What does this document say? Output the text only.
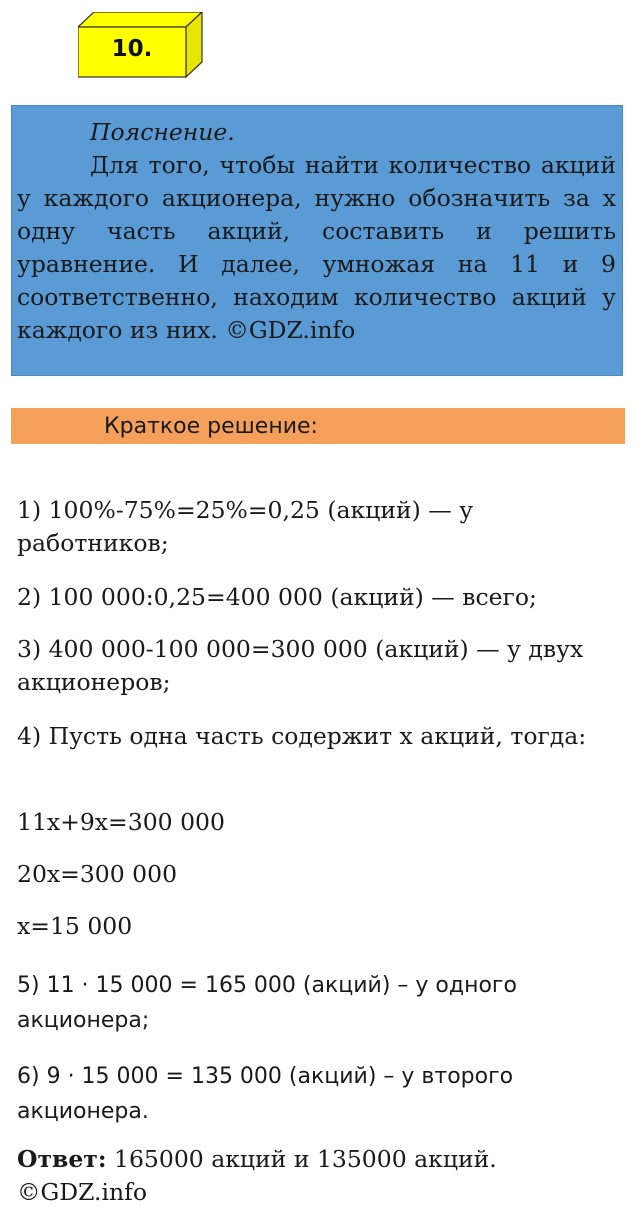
10.
Пояснение.
Для того, чтобы найти количество акций у каждого акционера, нужно обозначить за х одну часть акций, составить и решить уравнение. И далее, умножая на 11 и 9 соответственно, находим количество акций у каждого из них. ©GDZ.info
Краткое решение:

1) 100%-75%=25%=0,25 (акций) — у работников;

2) 100 000:0,25=400 000 (акций) — всего;

3) 400 000-100 000=300 000 (акций) — у двух акционеров;

4) Пусть одна часть содержит х акций, тогда:

11х+9х=300 000

20х=300 000

х=15 000

5) 11 · 15 000 = 165 000 (акций) – у одного акционера;

6) 9 · 15 000 = 135 000 (акций) – у второго акционера.

Ответ: 165000 акций и 135000 акций. ©GDZ.info
